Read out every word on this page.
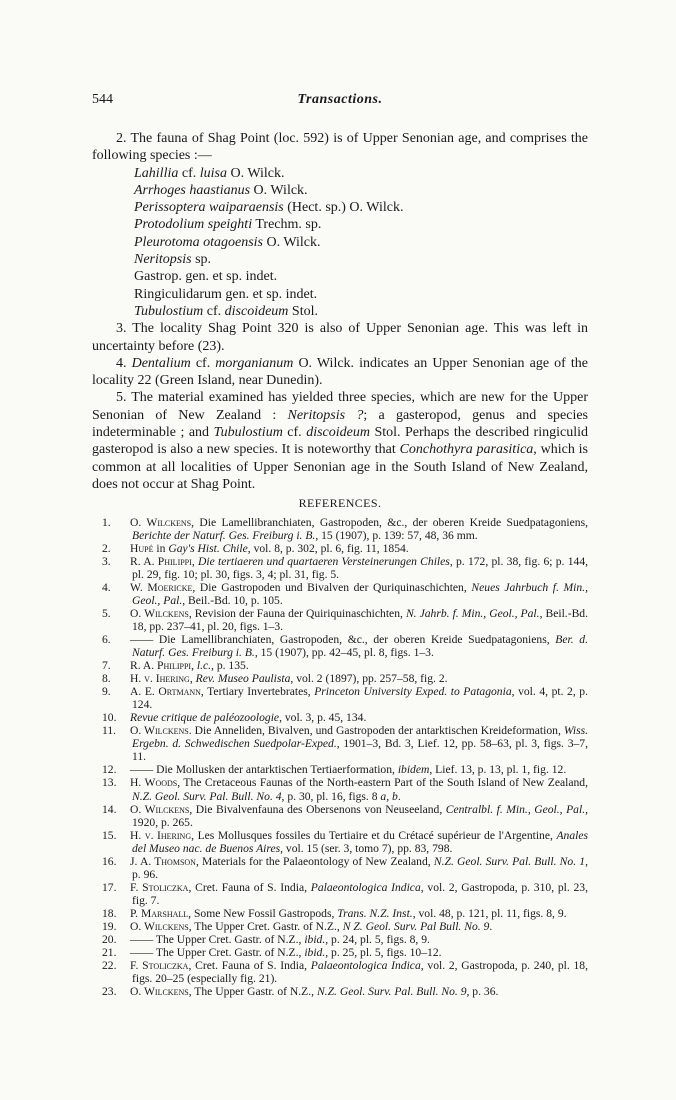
544	Transactions.

2. The fauna of Shag Point (loc. 592) is of Upper Senonian age, and comprises the following species :—

Lahillia cf. luisa O. Wilck.
Arrhoges haastianus O. Wilck.
Perissoptera waiparaensis (Hect. sp.) O. Wilck.
Protodolium speighti Trechm. sp.
Pleurotoma otagoensis O. Wilck.
Neritopsis sp.
Gastrop. gen. et sp. indet.
Ringiculidarum gen. et sp. indet.
Tubulostium cf. discoideum Stol.

3. The locality Shag Point 320 is also of Upper Senonian age. This was left in uncertainty before (23).

4. Dentalium cf. morganianum O. Wilck. indicates an Upper Senonian age of the locality 22 (Green Island, near Dunedin).

5. The material examined has yielded three species, which are new for the Upper Senonian of New Zealand : Neritopsis ?; a gasteropod, genus and species indeterminable ; and Tubulostium cf. discoideum Stol. Perhaps the described ringiculid gasteropod is also a new species. It is noteworthy that Conchothyra parasitica, which is common at all localities of Upper Senonian age in the South Island of New Zealand, does not occur at Shag Point.

REFERENCES.
1. O. Wilckens, Die Lamellibranchiaten, Gastropoden, &c., der oberen Kreide Suedpatagoniens, Berichte der Naturf. Ges. Freiburg i. B., 15 (1907), p. 139: 57, 48, 36 mm.
2. Hupé in Gay's Hist. Chile, vol. 8, p. 302, pl. 6, fig. 11, 1854.
3. R. A. Philippi, Die tertiaeren und quartaeren Versteinerungen Chiles, p. 172, pl. 38, fig. 6; p. 144, pl. 29, fig. 10; pl. 30, figs. 3, 4; pl. 31, fig. 5.
4. W. Moericke, Die Gastropoden und Bivalven der Quriquinaschichten, Neues Jahrbuch f. Min., Geol., Pal., Beil.-Bd. 10, p. 105.
5. O. Wilckens, Revision der Fauna der Quiriquinaschichten, N. Jahrb. f. Min., Geol., Pal., Beil.-Bd. 18, pp. 237–41, pl. 20, figs. 1–3.
6. —— Die Lamellibranchiaten, Gastropoden, &c., der oberen Kreide Suedpatagoniens, Ber. d. Naturf. Ges. Freiburg i. B., 15 (1907), pp. 42–45, pl. 8, figs. 1–3.
7. R. A. Philippi, l.c., p. 135.
8. H. v. Ihering, Rev. Museo Paulista, vol. 2 (1897), pp. 257–58, fig. 2.
9. A. E. Ortmann, Tertiary Invertebrates, Princeton University Exped. to Patagonia, vol. 4, pt. 2, p. 124.
10. Revue critique de paléozoologie, vol. 3, p. 45, 134.
11. O. Wilckens. Die Anneliden, Bivalven, und Gastropoden der antarktischen Kreideformation, Wiss. Ergebn. d. Schwedischen Suedpolar-Exped., 1901–3, Bd. 3, Lief. 12, pp. 58–63, pl. 3, figs. 3–7, 11.
12. —— Die Mollusken der antarktischen Tertiaerformation, ibidem, Lief. 13, p. 13, pl. 1, fig. 12.
13. H. Woods, The Cretaceous Faunas of the North-eastern Part of the South Island of New Zealand, N.Z. Geol. Surv. Pal. Bull. No. 4, p. 30, pl. 16, figs. 8 a, b.
14. O. Wilckens, Die Bivalvenfauna des Obersenons von Neuseeland, Centralbl. f. Min., Geol., Pal., 1920, p. 265.
15. H. v. Ihering, Les Mollusques fossiles du Tertiaire et du Crétacé supérieur de l'Argentine, Anales del Museo nac. de Buenos Aires, vol. 15 (ser. 3, tomo 7), pp. 83, 798.
16. J. A. Thomson, Materials for the Palaeontology of New Zealand, N.Z. Geol. Surv. Pal. Bull. No. 1, p. 96.
17. F. Stoliczka, Cret. Fauna of S. India, Palaeontologica Indica, vol. 2, Gastropoda, p. 310, pl. 23, fig. 7.
18. P. Marshall, Some New Fossil Gastropods, Trans. N.Z. Inst., vol. 48, p. 121, pl. 11, figs. 8, 9.
19. O. Wilckens, The Upper Cret. Gastr. of N.Z., N Z. Geol. Surv. Pal Bull. No. 9.
20. —— The Upper Cret. Gastr. of N.Z., ibid., p. 24, pl. 5, figs. 8, 9.
21. —— The Upper Cret. Gastr. of N.Z., ibid., p. 25, pl. 5, figs. 10–12.
22. F. Stoliczka, Cret. Fauna of S. India, Palaeontologica Indica, vol. 2, Gastropoda, p. 240, pl. 18, figs. 20–25 (especially fig. 21).
23. O. Wilckens, The Upper Gastr. of N.Z., N.Z. Geol. Surv. Pal. Bull. No. 9, p. 36.
